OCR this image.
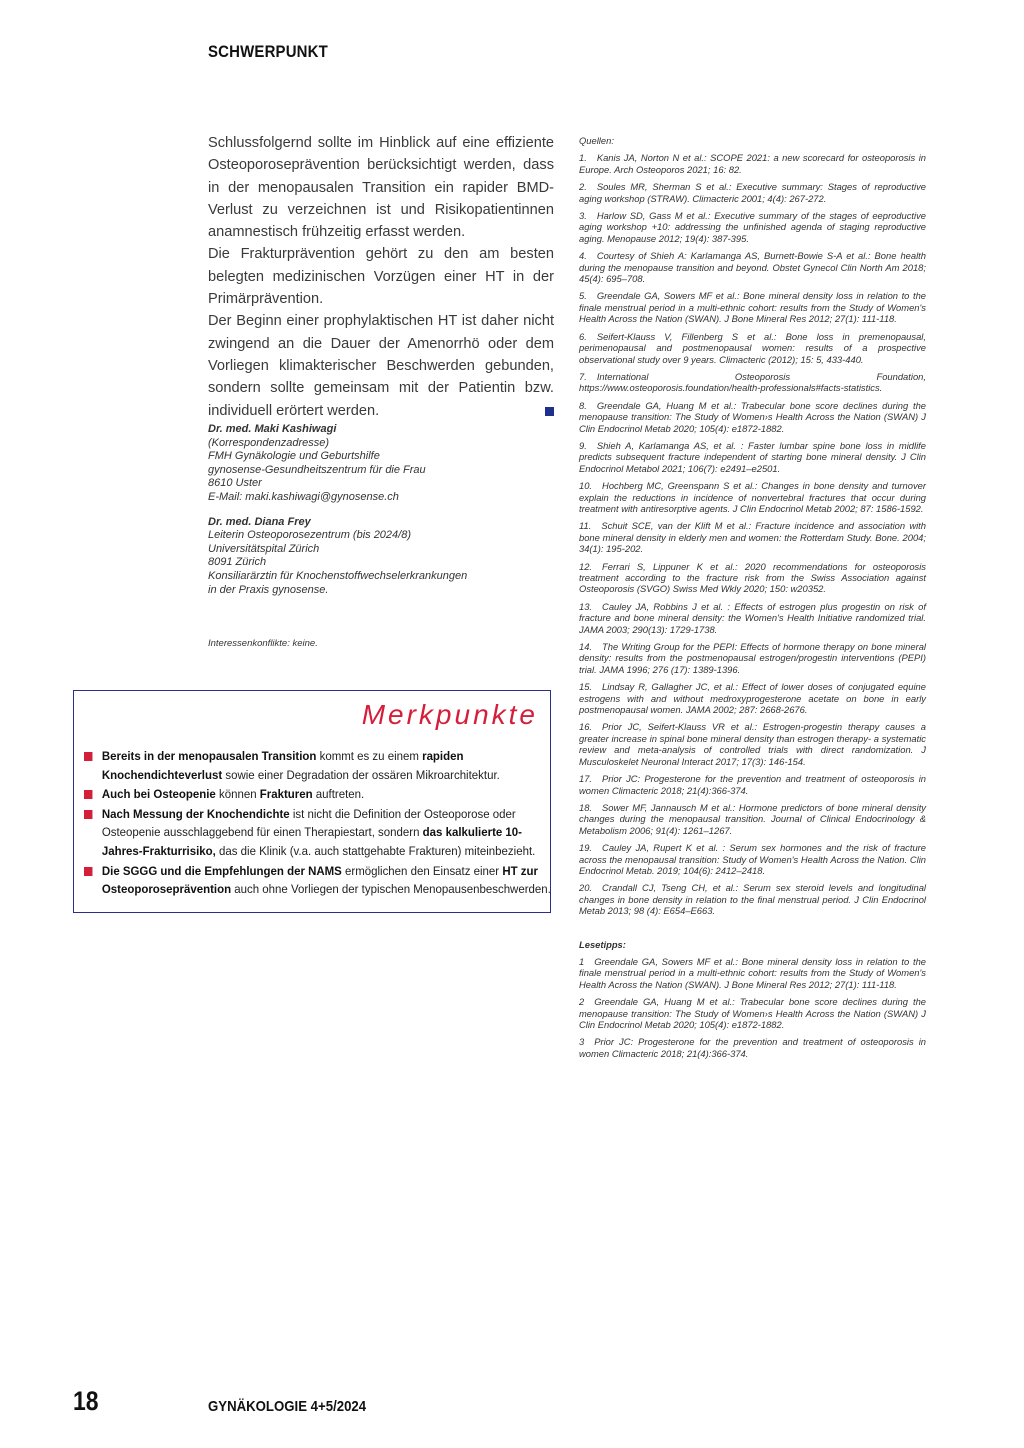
SCHWERPUNKT

Schlussfolgernd sollte im Hinblick auf eine effiziente Osteoporoseprävention berücksichtigt werden, dass in der menopausalen Transition ein rapider BMD-Verlust zu verzeichnen ist und Risikopatientinnen anamnestisch frühzeitig erfasst werden.

Die Frakturprävention gehört zu den am besten belegten medizinischen Vorzügen einer HT in der Primärprävention.

Der Beginn einer prophylaktischen HT ist daher nicht zwingend an die Dauer der Amenorrhö oder dem Vorliegen klimakterischer Beschwerden gebunden, sondern sollte gemeinsam mit der Patientin bzw. individuell erörtert werden.

Dr. med. Maki Kashiwagi
(Korrespondenzadresse)
FMH Gynäkologie und Geburtshilfe
gynosense-Gesundheitszentrum für die Frau
8610 Uster
E-Mail: maki.kashiwagi@gynosense.ch
Dr. med. Diana Frey
Leiterin Osteoporosezentrum (bis 2024/8)
Universitätspital Zürich
8091 Zürich
Konsiliarärztin für Knochenstoffwechselerkrankungen
in der Praxis gynosense.
Interessenkonflikte: keine.
Merkpunkte
Bereits in der menopausalen Transition kommt es zu einem rapiden Knochendichteverlust sowie einer Degradation der ossären Mikroarchitektur.
Auch bei Osteopenie können Frakturen auftreten.
Nach Messung der Knochendichte ist nicht die Definition der Osteoporose oder Osteopenie ausschlaggebend für einen Therapiestart, sondern das kalkulierte 10-Jahres-Frakturrisiko, das die Klinik (v.a. auch stattgehabte Frakturen) miteinbezieht.
Die SGGG und die Empfehlungen der NAMS ermöglichen den Einsatz einer HT zur Osteoporoseprävention auch ohne Vorliegen der typischen Menopausenbeschwerden.
Quellen:

1. Kanis JA, Norton N et al.: SCOPE 2021: a new scorecard for osteoporosis in Europe. Arch Osteoporos 2021; 16: 82.

2. Soules MR, Sherman S et al.: Executive summary: Stages of reproductive aging workshop (STRAW). Climacteric 2001; 4(4): 267-272.

3. Harlow SD, Gass M et al.: Executive summary of the stages of eeproductive aging workshop +10: addressing the unfinished agenda of staging reproductive aging. Menopause 2012; 19(4): 387-395.

4. Courtesy of Shieh A: Karlamanga AS, Burnett-Bowie S-A et al.: Bone health during the menopause transition and beyond. Obstet Gynecol Clin North Am 2018; 45(4): 695–708.

5. Greendale GA, Sowers MF et al.: Bone mineral density loss in relation to the finale menstrual period in a multi-ethnic cohort: results from the Study of Women's Health Across the Nation (SWAN). J Bone Mineral Res 2012; 27(1): 111-118.

6. Seifert-Klauss V, Fillenberg S et al.: Bone loss in premenopausal, perimenopausal and postmenopausal women: results of a prospective observational study over 9 years. Climacteric (2012); 15: 5, 433-440.

7. International Osteoporosis Foundation, https://www.osteoporosis.foundation/health-professionals#facts-statistics.

8. Greendale GA, Huang M et al.: Trabecular bone score declines during the menopause transition: The Study of Women›s Health Across the Nation (SWAN) J Clin Endocrinol Metab 2020; 105(4): e1872-1882.

9. Shieh A, Karlamanga AS, et al. : Faster lumbar spine bone loss in midlife predicts subsequent fracture independent of starting bone mineral density. J Clin Endocrinol Metabol 2021; 106(7): e2491–e2501.

10. Hochberg MC, Greenspann S et al.: Changes in bone density and turnover explain the reductions in incidence of nonvertebral fractures that occur during treatment with antiresorptive agents. J Clin Endocrinol Metab 2002; 87: 1586-1592.

11. Schuit SCE, van der Klift M et al.: Fracture incidence and association with bone mineral density in elderly men and women: the Rotterdam Study. Bone. 2004; 34(1): 195-202.

12. Ferrari S, Lippuner K et al.: 2020 recommendations for osteoporosis treatment according to the fracture risk from the Swiss Association against Osteoporosis (SVGO) Swiss Med Wkly 2020; 150: w20352.

13. Cauley JA, Robbins J et al. : Effects of estrogen plus progestin on risk of fracture and bone mineral density: the Women's Health Initiative randomized trial. JAMA 2003; 290(13): 1729-1738.

14. The Writing Group for the PEPI: Effects of hormone therapy on bone mineral density: results from the postmenopausal estrogen/progestin interventions (PEPI) trial. JAMA 1996; 276 (17): 1389-1396.

15. Lindsay R, Gallagher JC, et al.: Effect of lower doses of conjugated equine estrogens with and without medroxyprogesterone acetate on bone in early postmenopausal women. JAMA 2002; 287: 2668-2676.

16. Prior JC, Seifert-Klauss VR et al.: Estrogen-progestin therapy causes a greater increase in spinal bone mineral density than estrogen therapy- a systematic review and meta-analysis of controlled trials with direct randomization. J Musculoskelet Neuronal Interact 2017; 17(3): 146-154.

17. Prior JC: Progesterone for the prevention and treatment of osteoporosis in women Climacteric 2018; 21(4):366-374.

18. Sower MF, Jannausch M et al.: Hormone predictors of bone mineral density changes during the menopausal transition. Journal of Clinical Endocrinology & Metabolism 2006; 91(4): 1261–1267.

19. Cauley JA, Rupert K et al. : Serum sex hormones and the risk of fracture across the menopausal transition: Study of Women's Health Across the Nation. Clin Endocrinol Metab. 2019; 104(6): 2412–2418.

20. Crandall CJ, Tseng CH, et al.: Serum sex steroid levels and longitudinal changes in bone density in relation to the final menstrual period. J Clin Endocrinol Metab 2013; 98 (4): E654–E663.

Lesetipps:

1 Greendale GA, Sowers MF et al.: Bone mineral density loss in relation to the finale menstrual period in a multi-ethnic cohort: results from the Study of Women's Health Across the Nation (SWAN). J Bone Mineral Res 2012; 27(1): 111-118.

2 Greendale GA, Huang M et al.: Trabecular bone score declines during the menopause transition: The Study of Women›s Health Across the Nation (SWAN) J Clin Endocrinol Metab 2020; 105(4): e1872-1882.

3 Prior JC: Progesterone for the prevention and treatment of osteoporosis in women Climacteric 2018; 21(4):366-374.

18	GYNÄKOLOGIE 4+5/2024
